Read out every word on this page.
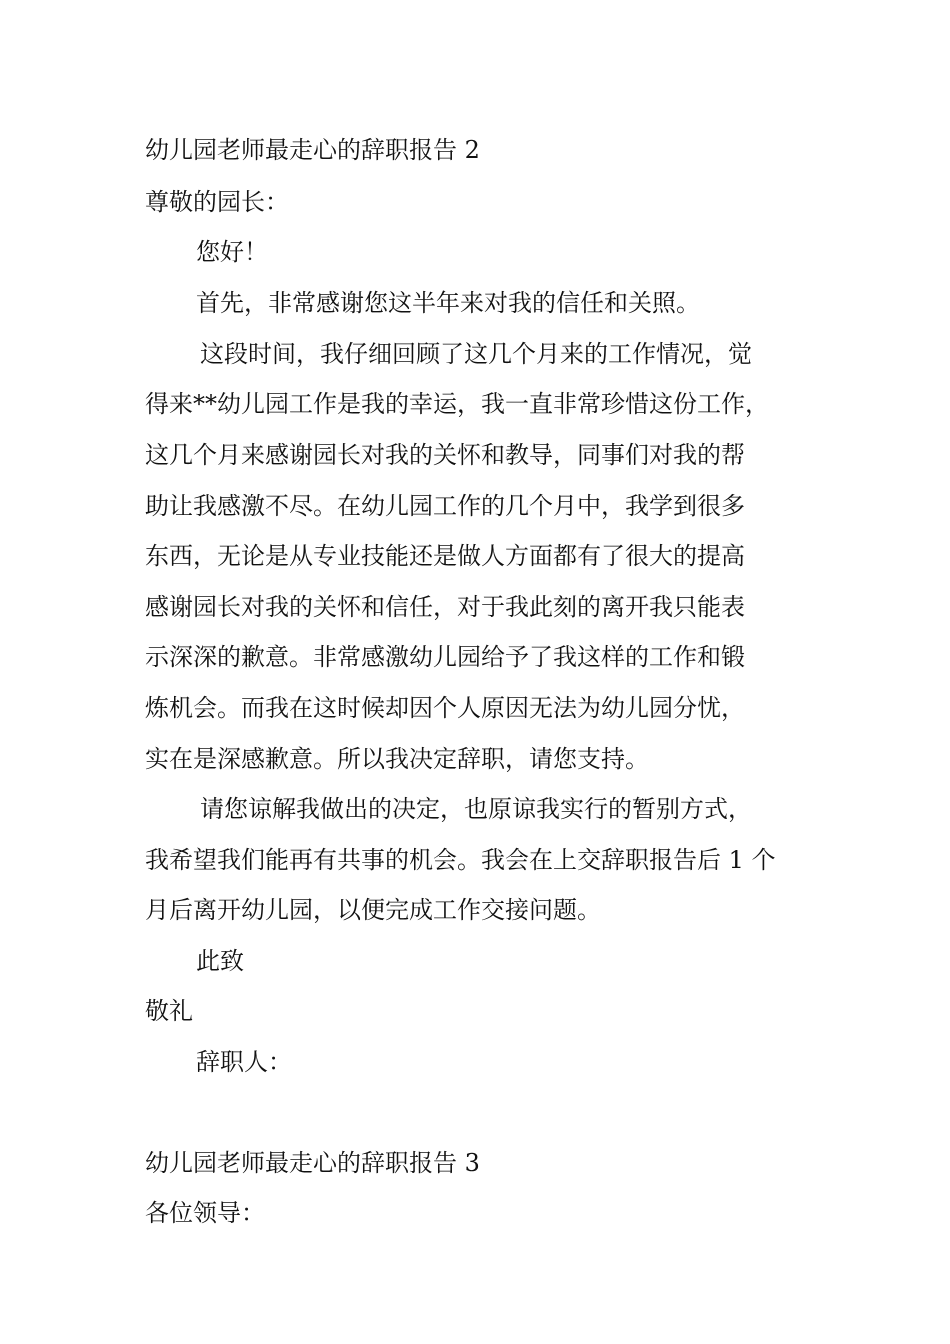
幼儿园老师最走心的辞职报告 2
尊敬的园长：
您好！
首先，非常感谢您这半年来对我的信任和关照。
这段时间，我仔细回顾了这几个月来的工作情况，觉
得来**幼儿园工作是我的幸运，我一直非常珍惜这份工作，
这几个月来感谢园长对我的关怀和教导，同事们对我的帮
助让我感激不尽。在幼儿园工作的几个月中，我学到很多
东西，无论是从专业技能还是做人方面都有了很大的提高
感谢园长对我的关怀和信任，对于我此刻的离开我只能表
示深深的歉意。非常感激幼儿园给予了我这样的工作和锻
炼机会。而我在这时候却因个人原因无法为幼儿园分忧，
实在是深感歉意。所以我决定辞职，请您支持。
请您谅解我做出的决定，也原谅我实行的暂别方式，
我希望我们能再有共事的机会。我会在上交辞职报告后 1 个
月后离开幼儿园，以便完成工作交接问题。
此致
敬礼
辞职人：
幼儿园老师最走心的辞职报告 3
各位领导：
